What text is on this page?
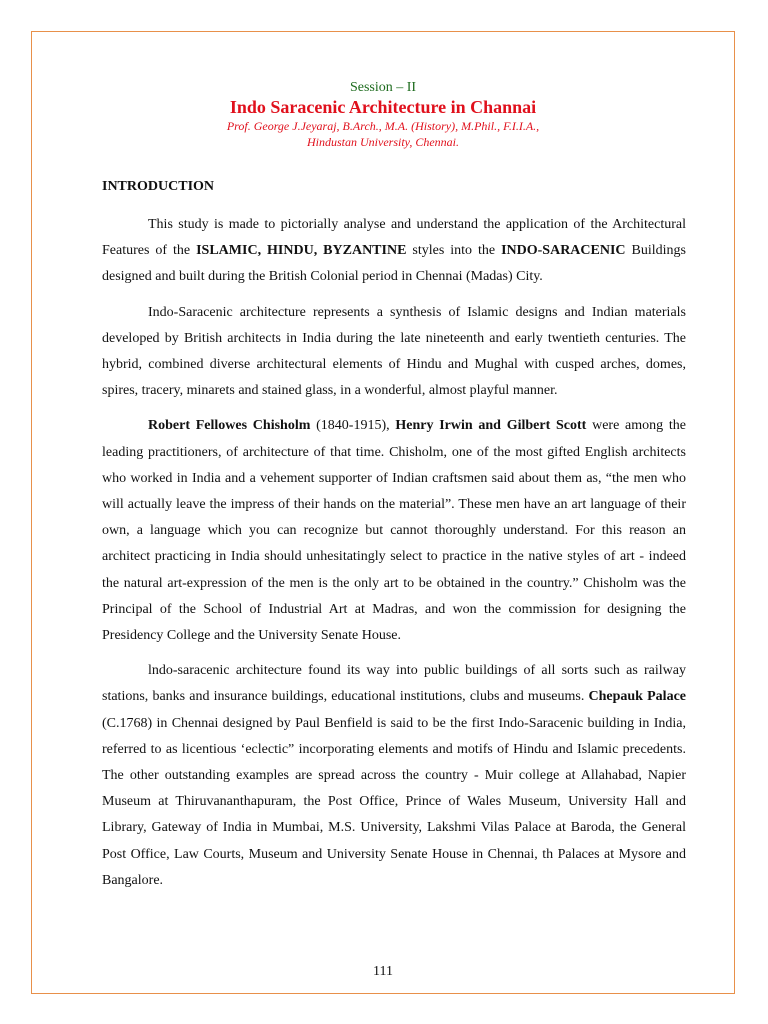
Session – II
Indo Saracenic Architecture in Channai
Prof. George J.Jeyaraj, B.Arch., M.A. (History), M.Phil., F.I.I.A.,
Hindustan University, Chennai.
INTRODUCTION

This study is made to pictorially analyse and understand the application of the Architectural Features of the ISLAMIC, HINDU, BYZANTINE styles into the INDO-SARACENIC Buildings designed and built during the British Colonial period in Chennai (Madas) City.

Indo-Saracenic architecture represents a synthesis of Islamic designs and Indian materials developed by British architects in India during the late nineteenth and early twentieth centuries. The hybrid, combined diverse architectural elements of Hindu and Mughal with cusped arches, domes, spires, tracery, minarets and stained glass, in a wonderful, almost playful manner.

Robert Fellowes Chisholm (1840-1915), Henry Irwin and Gilbert Scott were among the leading practitioners, of architecture of that time. Chisholm, one of the most gifted English architects who worked in India and a vehement supporter of Indian craftsmen said about them as, “the men who will actually leave the impress of their hands on the material”. These men have an art language of their own, a language which you can recognize but cannot thoroughly understand. For this reason an architect practicing in India should unhesitatingly select to practice in the native styles of art - indeed the natural art-expression of the men is the only art to be obtained in the country.” Chisholm was the Principal of the School of Industrial Art at Madras, and won the commission for designing the Presidency College and the University Senate House.

lndo-saracenic architecture found its way into public buildings of all sorts such as railway stations, banks and insurance buildings, educational institutions, clubs and museums. Chepauk Palace (C.1768) in Chennai designed by Paul Benfield is said to be the first Indo-Saracenic building in India, referred to as licentious ‘eclectic” incorporating elements and motifs of Hindu and Islamic precedents. The other outstanding examples are spread across the country - Muir college at Allahabad, Napier Museum at Thiruvananthapuram, the Post Office, Prince of Wales Museum, University Hall and Library, Gateway of India in Mumbai, M.S. University, Lakshmi Vilas Palace at Baroda, the General Post Office, Law Courts, Museum and University Senate House in Chennai, th Palaces at Mysore and Bangalore.

111
